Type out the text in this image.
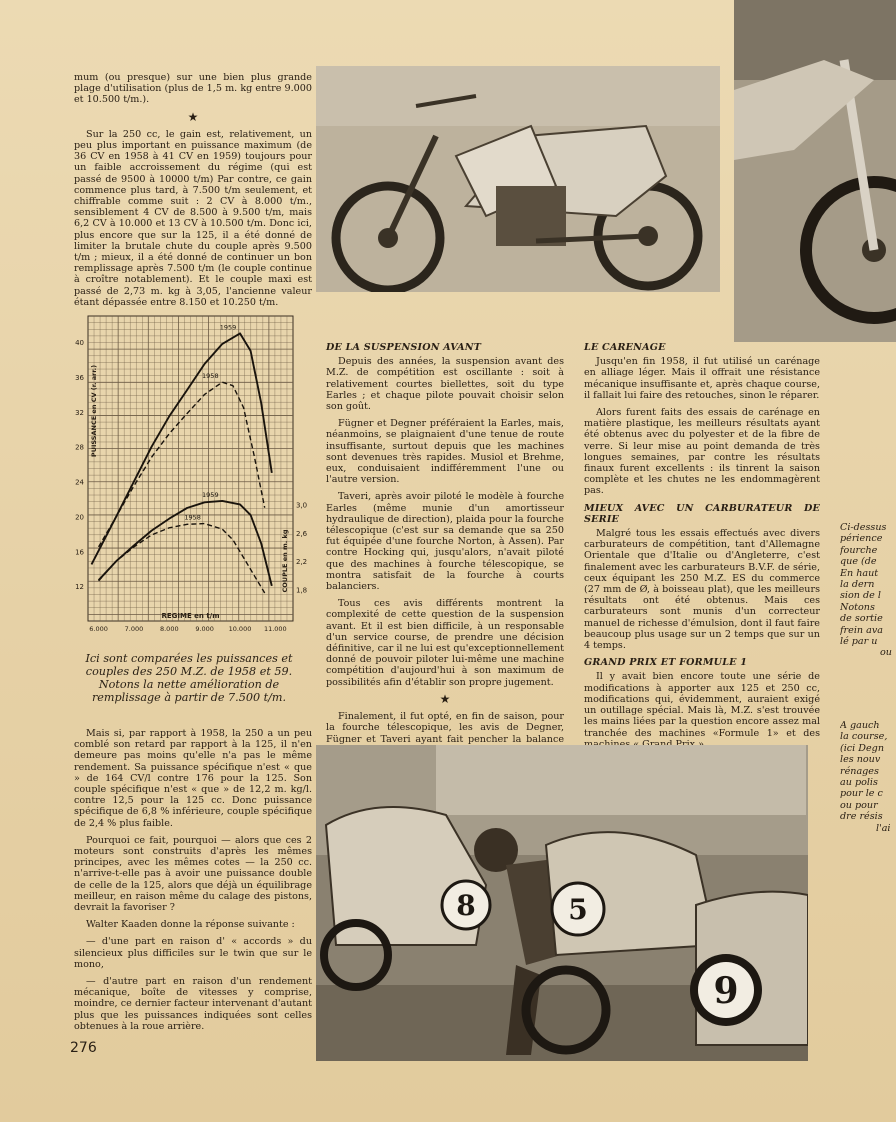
mum (ou presque) sur une bien plus grande plage d'utilisation (plus de 1,5 m. kg entre 9.000 et 10.500 t/m.).

★

Sur la 250 cc, le gain est, relativement, un peu plus important en puissance maximum (de 36 CV en 1958 à 41 CV en 1959) toujours pour un faible accroissement du régime (qui est passé de 9500 à 10000 t/m) Par contre, ce gain commence plus tard, à 7.500 t/m seulement, et chiffrable comme suit : 2 CV à 8.000 t/m., sensiblement 4 CV de 8.500 à 9.500 t/m, mais 6,2 CV à 10.000 et 13 CV à 10.500 t/m. Donc ici, plus encore que sur la 125, il a été donné de limiter la brutale chute du couple après 9.500 t/m ; mieux, il a été donné de continuer un bon remplissage après 7.500 t/m (le couple continue à croître notablement). Et le couple maxi est passé de 2,73 m. kg à 3,05, l'ancienne valeur étant dépassée entre 8.150 et 10.250 t/m.

12
16
20
24
28
32
36
40
1,8
2,2
2,6
3,0
6.000	7.000	8.000	9.000 10.000 11.000
REGIME en t/m
PUISSANCE en CV (r. arr.)
COUPLE en m. kg
1959
1958
1959
1958
Ici sont comparées les puissances et couples des 250 M.Z. de 1958 et 59. Notons la nette amélioration de remplissage à partir de 7.500 t/m.

Mais si, par rapport à 1958, la 250 a un peu comblé son retard par rapport à la 125, il n'en demeure pas moins qu'elle n'a pas le même rendement. Sa puissance spécifique n'est « que » de 164 CV/l contre 176 pour la 125. Son couple spécifique n'est « que » de 12,2 m. kg/l. contre 12,5 pour la 125 cc. Donc puissance spécifique de 6,8 % inférieure, couple spécifique de 2,4 % plus faible.

Pourquoi ce fait, pourquoi — alors que ces 2 moteurs sont construits d'après les mêmes principes, avec les mêmes cotes — la 250 cc. n'arrive-t-elle pas à avoir une puissance double de celle de la 125, alors que déjà un équilibrage meilleur, en raison même du calage des pistons, devrait la favoriser ?

Walter Kaaden donne la réponse suivante :

— d'une part en raison d' « accords » du silencieux plus difficiles sur le twin que sur le mono,

— d'autre part en raison d'un rendement mécanique, boîte de vitesses y comprise, moindre, ce dernier facteur intervenant d'autant plus que les puissances indiquées sont celles obtenues à la roue arrière.

DE LA SUSPENSION AVANT

Depuis des années, la suspension avant des M.Z. de compétition est oscillante : soit à relativement courtes biellettes, soit du type Earles ; et chaque pilote pouvait choisir selon son goût.

Fügner et Degner préféraient la Earles, mais, néanmoins, se plaignaient d'une tenue de route insuffisante, surtout depuis que les machines sont devenues très rapides. Musiol et Brehme, eux, conduisaient indifféremment l'une ou l'autre version.

Taveri, après avoir piloté le modèle à fourche Earles (même munie d'un amortisseur hydraulique de direction), plaida pour la fourche télescopique (c'est sur sa demande que sa 250 fut équipée d'une fourche Norton, à Assen). Par contre Hocking qui, jusqu'alors, n'avait piloté que des machines à fourche télescopique, se montra satisfait de la fourche à courts balanciers.

Tous ces avis différents montrent la complexité de cette question de la suspension avant. Et il est bien difficile, à un responsable d'un service course, de prendre une décision définitive, car il ne lui est qu'exceptionnellement donné de pouvoir piloter lui-même une machine compétition d'aujourd'hui à son maximum de possibilités afin d'établir son propre jugement.

★

Finalement, il fut opté, en fin de saison, pour la fourche télescopique, les avis de Degner, Fügner et Taveri ayant fait pencher la balance

LE CARENAGE

Jusqu'en fin 1958, il fut utilisé un carénage en alliage léger. Mais il offrait une résistance mécanique insuffisante et, après chaque course, il fallait lui faire des retouches, sinon le réparer.

Alors furent faits des essais de carénage en matière plastique, les meilleurs résultats ayant été obtenus avec du polyester et de la fibre de verre. Si leur mise au point demanda de très longues semaines, par contre les résultats finaux furent excellents : ils tinrent la saison complète et les chutes ne les endommagèrent pas.

MIEUX AVEC UN CARBURATEUR DE SERIE

Malgré tous les essais effectués avec divers carburateurs de compétition, tant d'Allemagne Orientale que d'Italie ou d'Angleterre, c'est finalement avec les carburateurs B.V.F. de série, ceux équipant les 250 M.Z. ES du commerce (27 mm de Ø, à boisseau plat), que les meilleurs résultats ont été obtenus. Mais ces carburateurs sont munis d'un correcteur manuel de richesse d'émulsion, dont il faut faire beaucoup plus usage sur un 2 temps que sur un 4 temps.

GRAND PRIX ET FORMULE 1

Il y avait bien encore toute une série de modifications à apporter aux 125 et 250 cc, modifications qui, évidemment, auraient exigé un outillage spécial. Mais là, M.Z. s'est trouvée les mains liées par la question encore assez mal tranchée des machines «Formule 1» et des

Ci-dessus
périence
fourche
que (de
En haut
la dern
sion de l
Notons
de sortie
frein ava
lé par u
ou
A gauch
la course,
(ici Degn
les nouv
rénages
au polis
pour le c
ou pour
dre résis
l'ai
8	5
9
276
